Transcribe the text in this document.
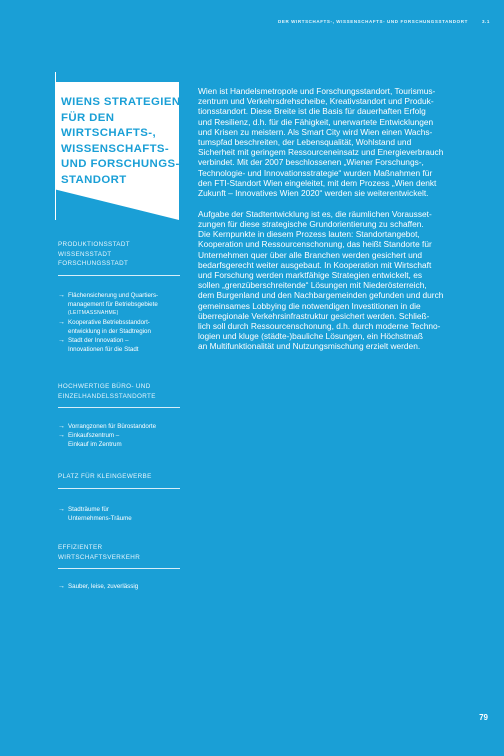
DER WIRTSCHAFTS-, WISSENSCHAFTS- UND FORSCHUNGSSTANDORT	3.1
WIENS STRATEGIEN
FÜR DEN
WIRTSCHAFTS-,
WISSENSCHAFTS-
UND FORSCHUNGS-
STANDORT
PRODUKTIONSSTADT
WISSENSSTADT
FORSCHUNGSSTADT
→ Flächensicherung und Quartiers-
management für Betriebsgebiete
(LEITMASSNAHME)
→ Kooperative Betriebsstandort-
entwicklung in der Stadtregion
→ Stadt der Innovation –
Innovationen für die Stadt
HOCHWERTIGE BÜRO- UND
EINZELHANDELSSTANDORTE
→ Vorrangzonen für Bürostandorte
→ Einkaufszentrum –
Einkauf im Zentrum
PLATZ FÜR KLEINGEWERBE
→ Stadträume für
Unternehmens-Träume
EFFIZIENTER
WIRTSCHAFTSVERKEHR
→ Sauber, leise, zuverlässig
Wien ist Handelsmetropole und Forschungsstandort, Tourismus-
zentrum und Verkehrsdrehscheibe, Kreativstandort und Produk-
tionsstandort. Diese Breite ist die Basis für dauerhaften Erfolg
und Resilienz, d.h. für die Fähigkeit, unerwartete Entwicklungen
und Krisen zu meistern. Als Smart City wird Wien einen Wachs-
tumspfad beschreiten, der Lebensqualität, Wohlstand und
Sicherheit mit geringem Ressourceneinsatz und Energieverbrauch
verbindet. Mit der 2007 beschlossenen „Wiener Forschungs-,
Technologie- und Innovationsstrategie“ wurden Maßnahmen für
den FTI-Standort Wien eingeleitet, mit dem Prozess „Wien denkt
Zukunft – Innovatives Wien 2020“ werden sie weiterentwickelt.
Aufgabe der Stadtentwicklung ist es, die räumlichen Vorausset-
zungen für diese strategische Grundorientierung zu schaffen.
Die Kernpunkte in diesem Prozess lauten: Standortangebot,
Kooperation und Ressourcenschonung, das heißt Standorte für
Unternehmen quer über alle Branchen werden gesichert und
bedarfsgerecht weiter ausgebaut. In Kooperation mit Wirtschaft
und Forschung werden marktfähige Strategien entwickelt, es
sollen „grenzüberschreitende“ Lösungen mit Niederösterreich,
dem Burgenland und den Nachbargemeinden gefunden und durch
gemeinsames Lobbying die notwendigen Investitionen in die
überregionale Verkehrsinfrastruktur gesichert werden. Schließ-
lich soll durch Ressourcenschonung, d.h. durch moderne Techno-
logien und kluge (städte-)bauliche Lösungen, ein Höchstmaß
an Multifunktionalität und Nutzungsmischung erzielt werden.
79
